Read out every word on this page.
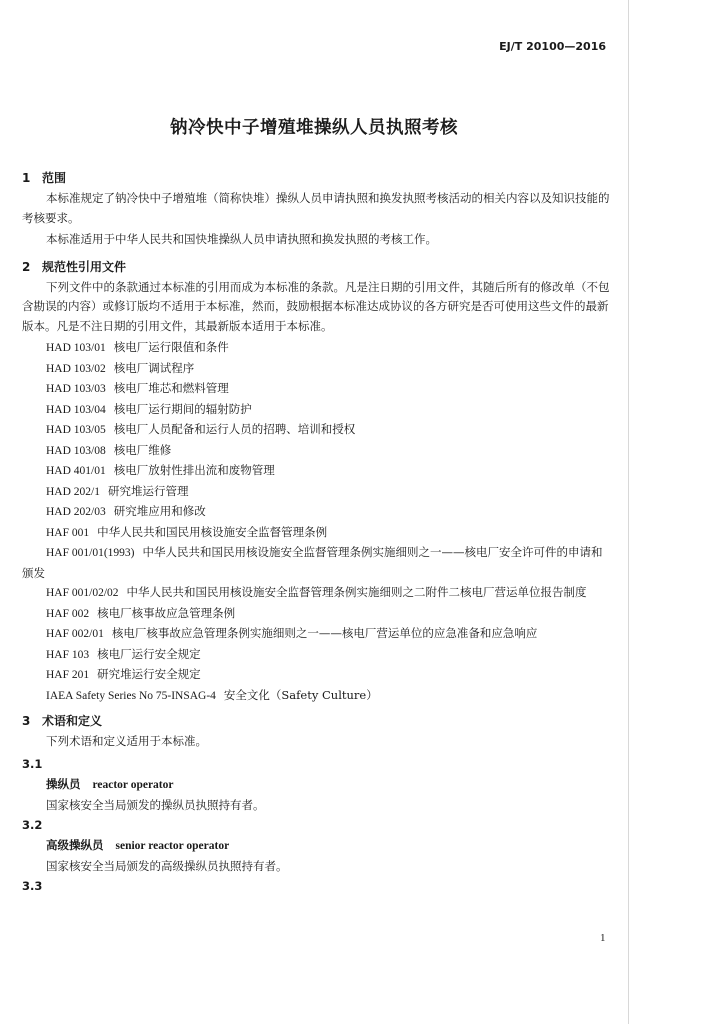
EJ/T 20100—2016
钠冷快中子增殖堆操纵人员执照考核
1 范围
本标准规定了钠冷快中子增殖堆（简称快堆）操纵人员申请执照和换发执照考核活动的相关内容以及知识技能的考核要求。
本标准适用于中华人民共和国快堆操纵人员申请执照和换发执照的考核工作。
2 规范性引用文件
下列文件中的条款通过本标准的引用而成为本标准的条款。凡是注日期的引用文件，其随后所有的修改单（不包含勘误的内容）或修订版均不适用于本标准，然而，鼓励根据本标准达成协议的各方研究是否可使用这些文件的最新版本。凡是不注日期的引用文件，其最新版本适用于本标准。
HAD 103/01 核电厂运行限值和条件
HAD 103/02 核电厂调试程序
HAD 103/03 核电厂堆芯和燃料管理
HAD 103/04 核电厂运行期间的辐射防护
HAD 103/05 核电厂人员配备和运行人员的招聘、培训和授权
HAD 103/08 核电厂维修
HAD 401/01 核电厂放射性排出流和废物管理
HAD 202/1 研究堆运行管理
HAD 202/03 研究堆应用和修改
HAF 001 中华人民共和国民用核设施安全监督管理条例
HAF 001/01(1993) 中华人民共和国民用核设施安全监督管理条例实施细则之一——核电厂安全许可件的申请和颁发
HAF 001/02/02 中华人民共和国民用核设施安全监督管理条例实施细则之二附件二核电厂营运单位报告制度
HAF 002 核电厂核事故应急管理条例
HAF 002/01 核电厂核事故应急管理条例实施细则之一——核电厂营运单位的应急准备和应急响应
HAF 103 核电厂运行安全规定
HAF 201 研究堆运行安全规定
IAEA Safety Series No 75-INSAG-4 安全文化（Safety Culture）
3 术语和定义
下列术语和定义适用于本标准。
3.1
操纵员 reactor operator
国家核安全当局颁发的操纵员执照持有者。
3.2
高级操纵员 senior reactor operator
国家核安全当局颁发的高级操纵员执照持有者。
3.3
1
